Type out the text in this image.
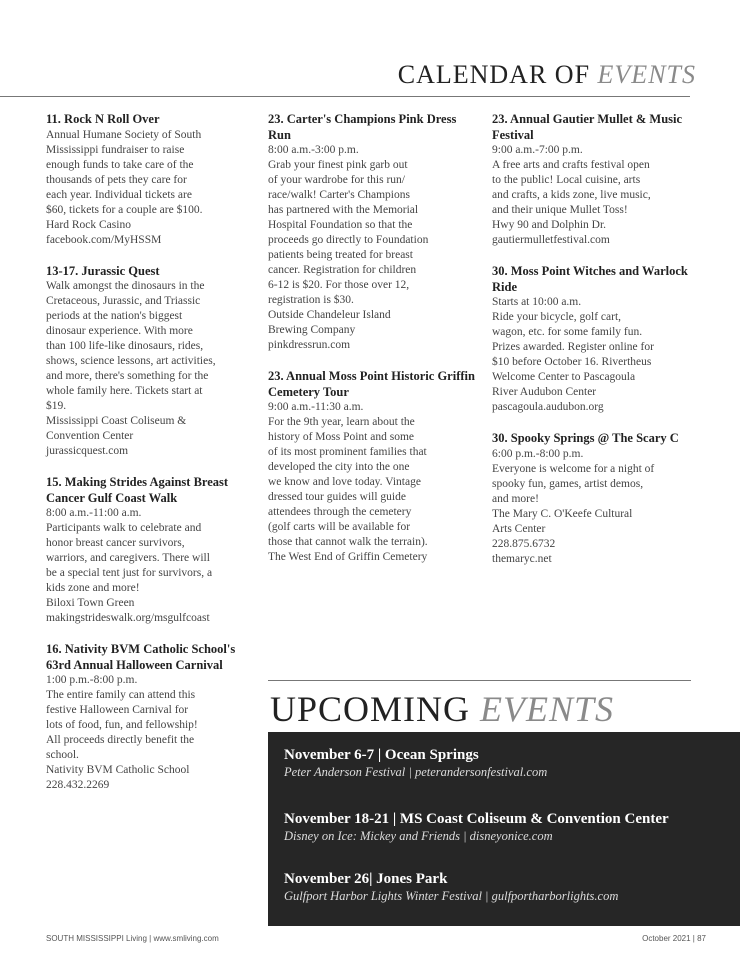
CALENDAR OF EVENTS
11. Rock N Roll Over
Annual Humane Society of South
Mississippi fundraiser to raise
enough funds to take care of the
thousands of pets they care for
each year. Individual tickets are
$60, tickets for a couple are $100.
Hard Rock Casino
facebook.com/MyHSSM
13-17. Jurassic Quest
Walk amongst the dinosaurs in the
Cretaceous, Jurassic, and Triassic
periods at the nation's biggest
dinosaur experience. With more
than 100 life-like dinosaurs, rides,
shows, science lessons, art activities,
and more, there's something for the
whole family here. Tickets start at
$19.
Mississippi Coast Coliseum &
Convention Center
jurassicquest.com
15. Making Strides Against Breast Cancer Gulf Coast Walk
8:00 a.m.-11:00 a.m.
Participants walk to celebrate and
honor breast cancer survivors,
warriors, and caregivers. There will
be a special tent just for survivors, a
kids zone and more!
Biloxi Town Green
makingstrideswalk.org/msgulfcoast
16. Nativity BVM Catholic School's 63rd Annual Halloween Carnival
1:00 p.m.-8:00 p.m.
The entire family can attend this
festive Halloween Carnival for
lots of food, fun, and fellowship!
All proceeds directly benefit the
school.
Nativity BVM Catholic School
228.432.2269
23. Carter's Champions Pink Dress Run
8:00 a.m.-3:00 p.m.
Grab your finest pink garb out
of your wardrobe for this run/
race/walk! Carter's Champions
has partnered with the Memorial
Hospital Foundation so that the
proceeds go directly to Foundation
patients being treated for breast
cancer. Registration for children
6-12 is $20. For those over 12,
registration is $30.
Outside Chandeleur Island
Brewing Company
pinkdressrun.com
23. Annual Moss Point Historic Griffin Cemetery Tour
9:00 a.m.-11:30 a.m.
For the 9th year, learn about the
history of Moss Point and some
of its most prominent families that
developed the city into the one
we know and love today. Vintage
dressed tour guides will guide
attendees through the cemetery
(golf carts will be available for
those that cannot walk the terrain).
The West End of Griffin Cemetery
23. Annual Gautier Mullet & Music Festival
9:00 a.m.-7:00 p.m.
A free arts and crafts festival open
to the public! Local cuisine, arts
and crafts, a kids zone, live music,
and their unique Mullet Toss!
Hwy 90 and Dolphin Dr.
gautiermulletfestival.com
30. Moss Point Witches and Warlock Ride
Starts at 10:00 a.m.
Ride your bicycle, golf cart,
wagon, etc. for some family fun.
Prizes awarded. Register online for
$10 before October 16. Rivertheus
Welcome Center to Pascagoula
River Audubon Center
pascagoula.audubon.org
30. Spooky Springs @ The Scary C
6:00 p.m.-8:00 p.m.
Everyone is welcome for a night of
spooky fun, games, artist demos,
and more!
The Mary C. O'Keefe Cultural
Arts Center
228.875.6732
themaryc.net
UPCOMING EVENTS
November 6-7 | Ocean Springs
Peter Anderson Festival | peterandersonfestival.com
November 18-21 | MS Coast Coliseum & Convention Center
Disney on Ice: Mickey and Friends | disneyonice.com
November 26| Jones Park
Gulfport Harbor Lights Winter Festival | gulfportharborlights.com
SOUTH MISSISSIPPI Living | www.smliving.com	October 2021 | 87
